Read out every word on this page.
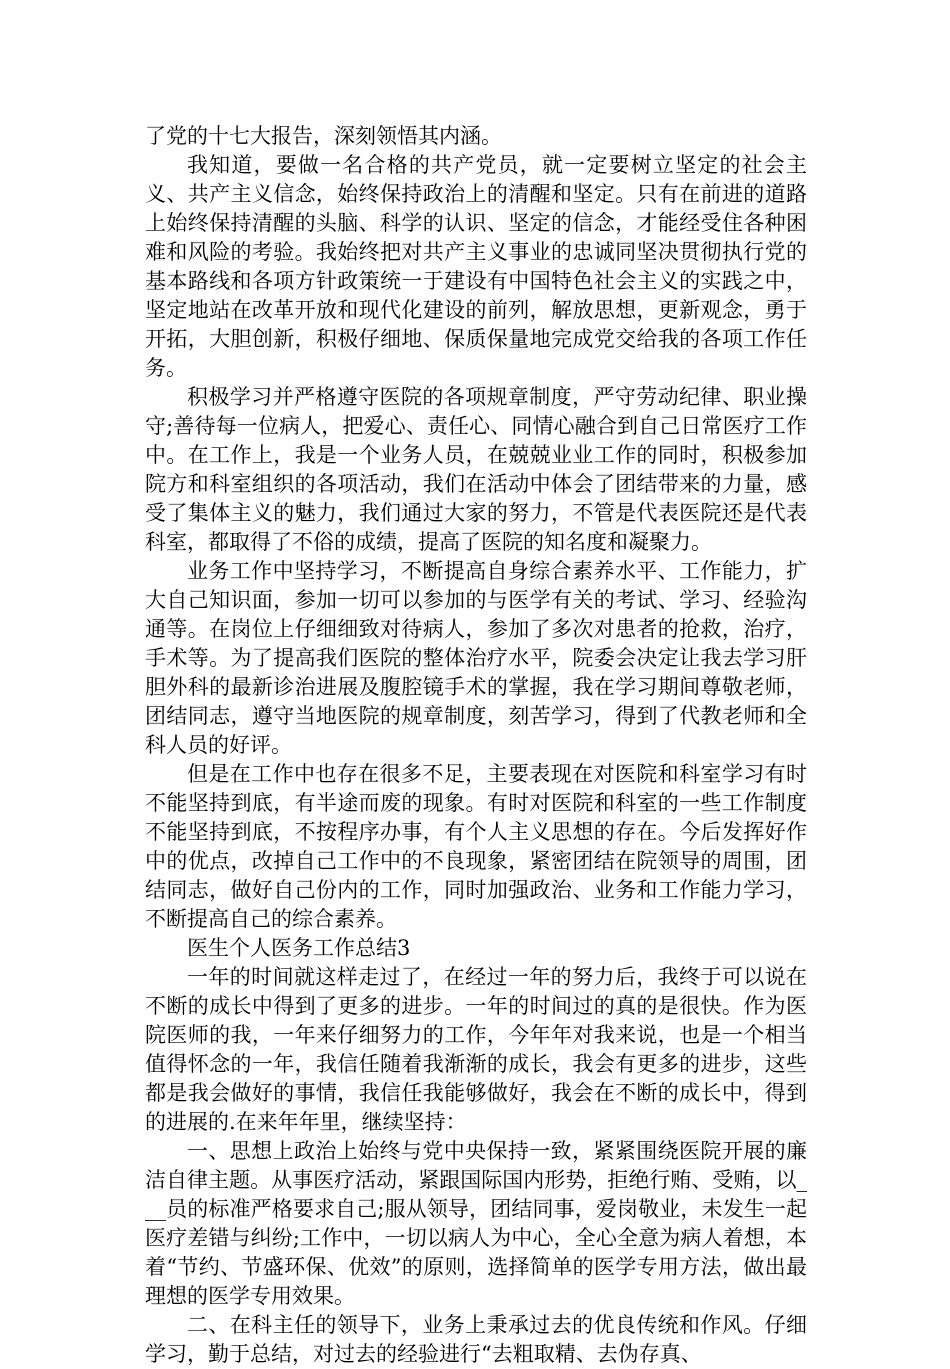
了党的十七大报告，深刻领悟其内涵。

我知道，要做一名合格的共产党员，就一定要树立坚定的社会主义、共产主义信念，始终保持政治上的清醒和坚定。只有在前进的道路上始终保持清醒的头脑、科学的认识、坚定的信念，才能经受住各种困难和风险的考验。我始终把对共产主义事业的忠诚同坚决贯彻执行党的基本路线和各项方针政策统一于建设有中国特色社会主义的实践之中，坚定地站在改革开放和现代化建设的前列，解放思想，更新观念，勇于开拓，大胆创新，积极仔细地、保质保量地完成党交给我的各项工作任务。

积极学习并严格遵守医院的各项规章制度，严守劳动纪律、职业操守;善待每一位病人，把爱心、责任心、同情心融合到自己日常医疗工作中。在工作上，我是一个业务人员，在兢兢业业工作的同时，积极参加院方和科室组织的各项活动，我们在活动中体会了团结带来的力量，感受了集体主义的魅力，我们通过大家的努力，不管是代表医院还是代表科室，都取得了不俗的成绩，提高了医院的知名度和凝聚力。

业务工作中坚持学习，不断提高自身综合素养水平、工作能力，扩大自己知识面，参加一切可以参加的与医学有关的考试、学习、经验沟通等。在岗位上仔细细致对待病人，参加了多次对患者的抢救，治疗，手术等。为了提高我们医院的整体治疗水平，院委会决定让我去学习肝胆外科的最新诊治进展及腹腔镜手术的掌握，我在学习期间尊敬老师，团结同志，遵守当地医院的规章制度，刻苦学习，得到了代教老师和全科人员的好评。

但是在工作中也存在很多不足，主要表现在对医院和科室学习有时不能坚持到底，有半途而废的现象。有时对医院和科室的一些工作制度不能坚持到底，不按程序办事，有个人主义思想的存在。今后发挥好作中的优点，改掉自己工作中的不良现象，紧密团结在院领导的周围，团结同志，做好自己份内的工作，同时加强政治、业务和工作能力学习，不断提高自己的综合素养。

医生个人医务工作总结3

一年的时间就这样走过了，在经过一年的努力后，我终于可以说在不断的成长中得到了更多的进步。一年的时间过的真的是很快。作为医院医师的我，一年来仔细努力的工作，今年年对我来说，也是一个相当值得怀念的一年，我信任随着我渐渐的成长，我会有更多的进步，这些都是我会做好的事情，我信任我能够做好，我会在不断的成长中，得到的进展的.在来年年里，继续坚持：

一、思想上政治上始终与党中央保持一致，紧紧围绕医院开展的廉洁自律主题。从事医疗活动，紧跟国际国内形势，拒绝行贿、受贿，以___员的标准严格要求自己;服从领导，团结同事，爱岗敬业，未发生一起医疗差错与纠纷;工作中，一切以病人为中心，全心全意为病人着想，本着“节约、节盛环保、优效”的原则，选择简单的医学专用方法，做出最理想的医学专用效果。

二、在科主任的领导下，业务上秉承过去的优良传统和作风。仔细学习，勤于总结，对过去的经验进行“去粗取精、去伪存真、
